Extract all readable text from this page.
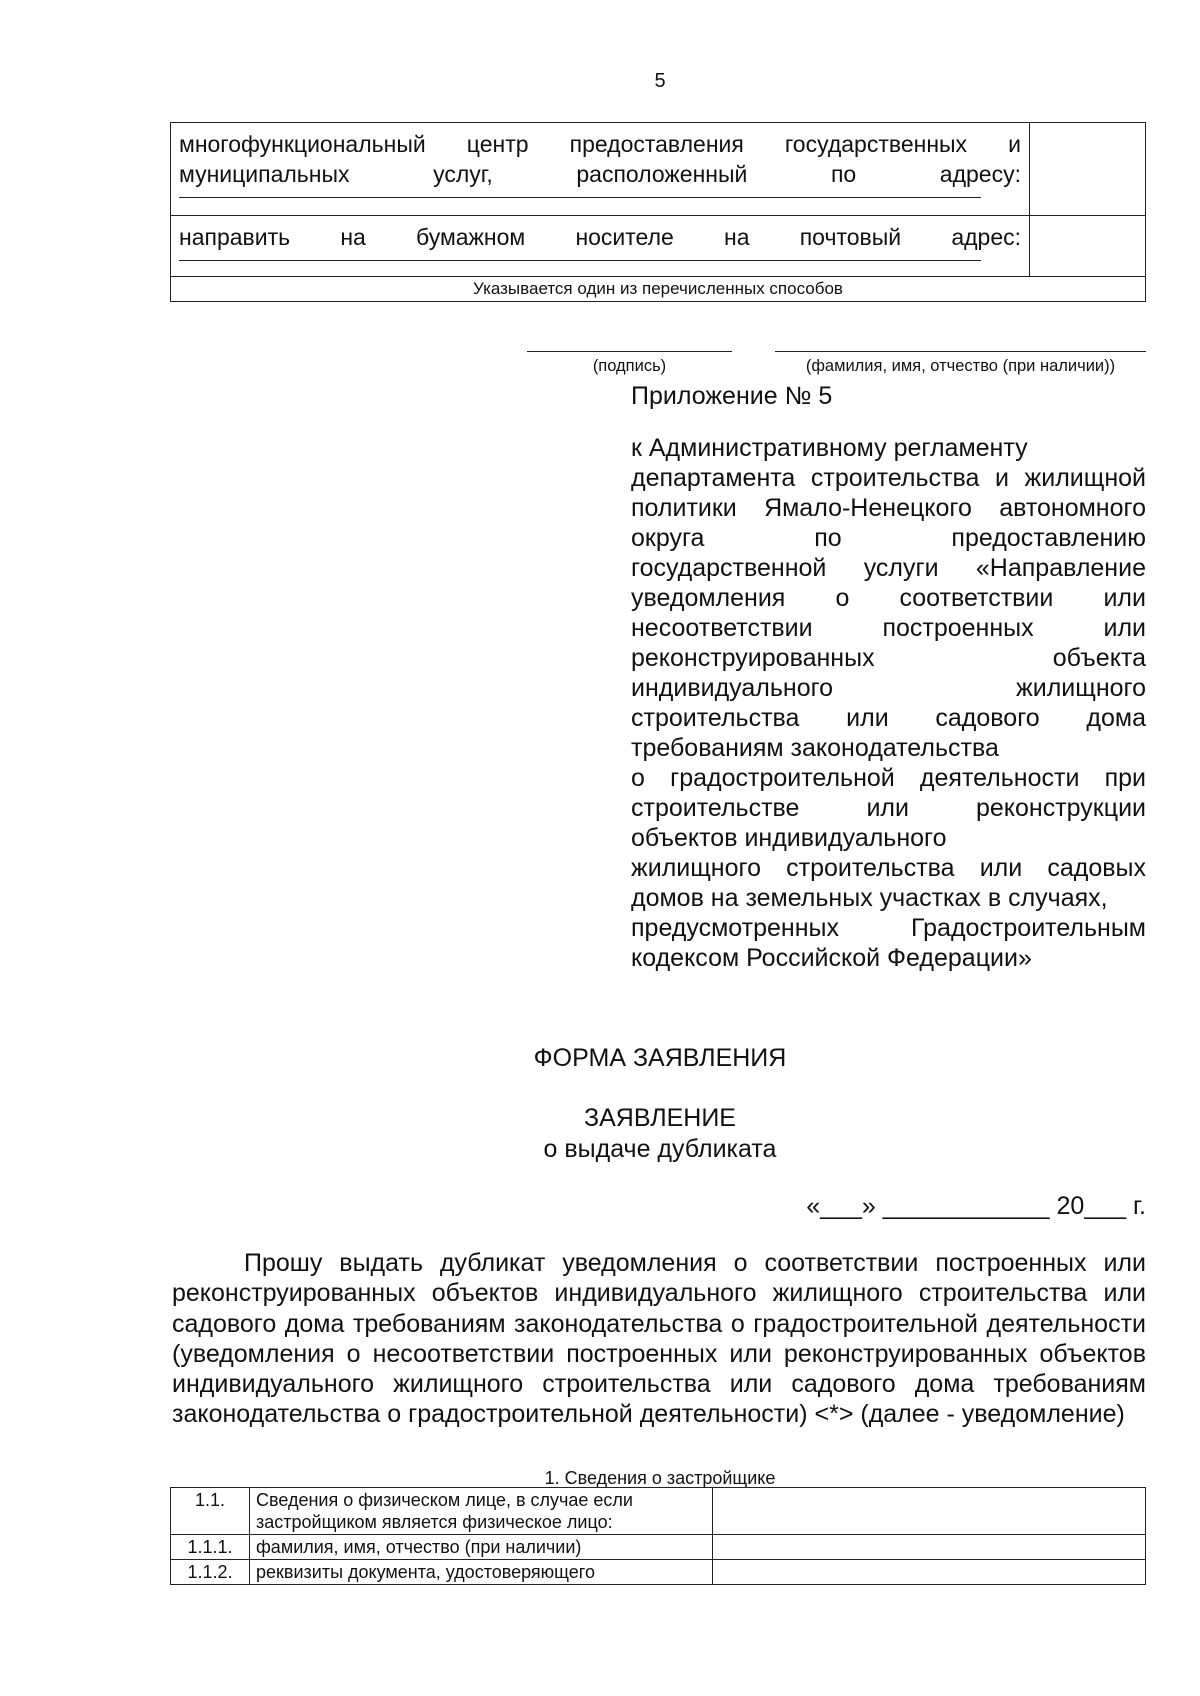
5
многофункциональный центр предоставления государственных и муниципальных услуг, расположенный по адресу:
направить на бумажном носителе на почтовый адрес:
Указывается один из перечисленных способов
(подпись)	(фамилия, имя, отчество (при наличии))
Приложение № 5

к Административному регламенту

департамента строительства и жилищной

политики Ямало-Ненецкого автономного

округа по предоставлению

государственной услуги «Направление

уведомления о соответствии или

несоответствии построенных или

реконструированных объекта

индивидуального жилищного

строительства или садового дома

требованиям законодательства

о градостроительной деятельности при

строительстве или реконструкции

объектов индивидуального

жилищного строительства или садовых

домов на земельных участках в случаях,

предусмотренных Градостроительным

кодексом Российской Федерации»

ФОРМА ЗАЯВЛЕНИЯ
ЗАЯВЛЕНИЕ
о выдаче дубликата
«___» ____________ 20___ г.

Прошу выдать дубликат уведомления о соответствии построенных или реконструированных объектов индивидуального жилищного строительства или садового дома требованиям законодательства о градостроительной деятельности (уведомления о несоответствии построенных или реконструированных объектов индивидуального жилищного строительства или садового дома требованиям законодательства о градостроительной деятельности) <*> (далее - уведомление)

1. Сведения о застройщике
1.1.	Сведения о физическом лице, в случае если застройщиком является физическое лицо:	
1.1.1.	фамилия, имя, отчество (при наличии)	
1.1.2.	реквизиты документа, удостоверяющего	
